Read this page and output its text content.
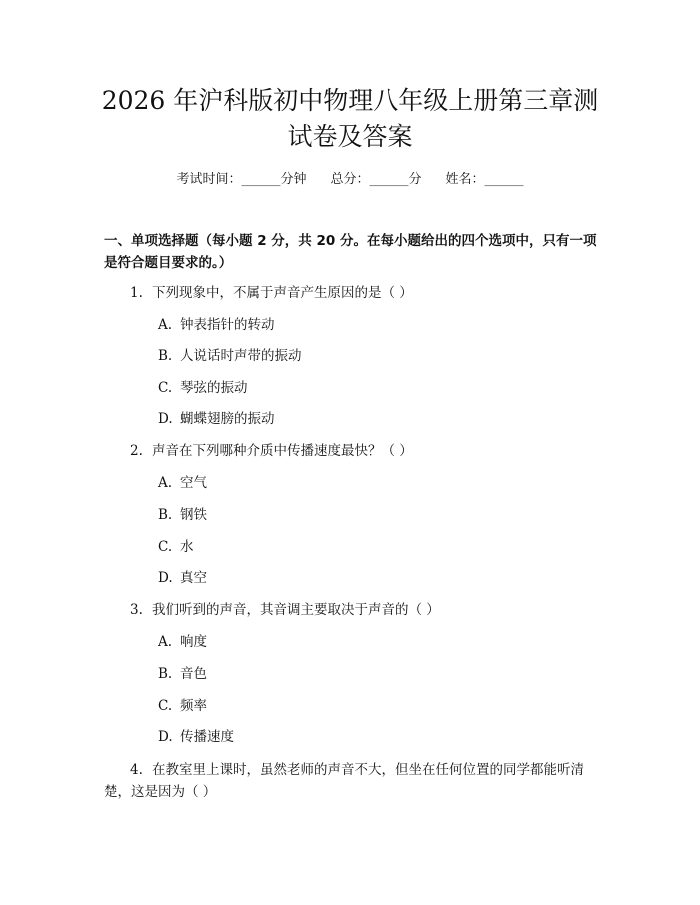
2026 年沪科版初中物理八年级上册第三章测
试卷及答案
考试时间：______分钟 总分：______分 姓名：______
一、单项选择题（每小题 2 分，共 20 分。在每小题给出的四个选项中，只有一项是符合题目要求的。）
1. 下列现象中，不属于声音产生原因的是（ ）
A. 钟表指针的转动
B. 人说话时声带的振动
C. 琴弦的振动
D. 蝴蝶翅膀的振动
2. 声音在下列哪种介质中传播速度最快？（ ）
A. 空气
B. 钢铁
C. 水
D. 真空
3. 我们听到的声音，其音调主要取决于声音的（ ）
A. 响度
B. 音色
C. 频率
D. 传播速度
4. 在教室里上课时，虽然老师的声音不大，但坐在任何位置的同学都能听清
楚，这是因为（ ）
